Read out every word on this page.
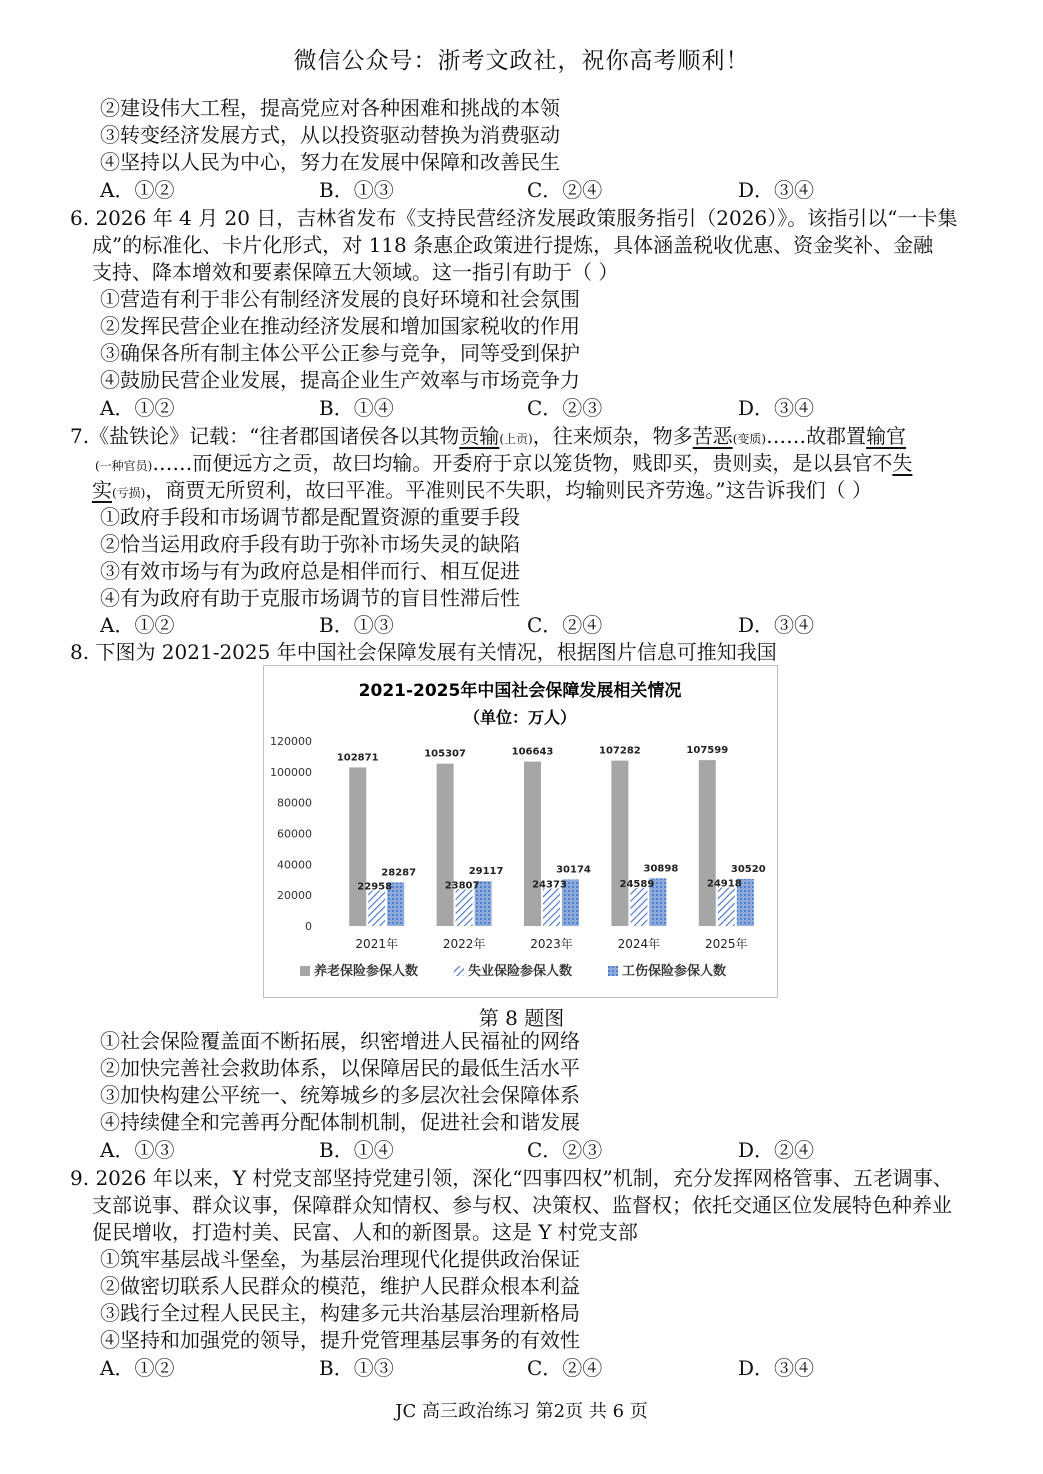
微信公众号：浙考文政社，祝你高考顺利！
②建设伟大工程，提高党应对各种困难和挑战的本领
③转变经济发展方式，从以投资驱动替换为消费驱动
④坚持以人民为中心，努力在发展中保障和改善民生
A．①②	B．①③	C．②④	D．③④
6. 2026 年 4 月 20 日，吉林省发布《支持民营经济发展政策服务指引（2026）》。该指引以“一卡集
成”的标准化、卡片化形式，对 118 条惠企政策进行提炼，具体涵盖税收优惠、资金奖补、金融
支持、降本增效和要素保障五大领域。这一指引有助于（ ）
①营造有利于非公有制经济发展的良好环境和社会氛围
②发挥民营企业在推动经济发展和增加国家税收的作用
③确保各所有制主体公平公正参与竞争，同等受到保护
④鼓励民营企业发展，提高企业生产效率与市场竞争力
A．①②	B．①④	C．②③	D．③④
7.《盐铁论》记载：“往者郡国诸侯各以其物贡输(上贡)，往来烦杂，物多苦恶(变质)……故郡置输官
(一种官员)……而便远方之贡，故曰均输。开委府于京以笼货物，贱即买，贵则卖，是以县官不失
实(亏损)，商贾无所贸利，故曰平准。平准则民不失职，均输则民齐劳逸。”这告诉我们（ ）
①政府手段和市场调节都是配置资源的重要手段
②恰当运用政府手段有助于弥补市场失灵的缺陷
③有效市场与有为政府总是相伴而行、相互促进
④有为政府有助于克服市场调节的盲目性滞后性
A．①②	B．①③	C．②④	D．③④
8. 下图为 2021-2025 年中国社会保障发展有关情况，根据图片信息可推知我国
2021-2025年中国社会保障发展相关情况
（单位：万人）
0
20000
40000
60000
80000
100000
120000
102871
22958
28287
105307
23807
29117
106643
24373
30174
107282
24589
30898
107599
24918
30520
2021年	2022年	2023年	2024年	2025年
养老保险参保人数	失业保险参保人数	工伤保险参保人数
第 8 题图
①社会保险覆盖面不断拓展，织密增进人民福祉的网络
②加快完善社会救助体系，以保障居民的最低生活水平
③加快构建公平统一、统筹城乡的多层次社会保障体系
④持续健全和完善再分配体制机制，促进社会和谐发展
A．①③	B．①④	C．②③	D．②④
9. 2026 年以来，Y 村党支部坚持党建引领，深化“四事四权”机制，充分发挥网格管事、五老调事、
支部说事、群众议事，保障群众知情权、参与权、决策权、监督权；依托交通区位发展特色种养业
促民增收，打造村美、民富、人和的新图景。这是 Y 村党支部
①筑牢基层战斗堡垒，为基层治理现代化提供政治保证
②做密切联系人民群众的模范，维护人民群众根本利益
③践行全过程人民民主，构建多元共治基层治理新格局
④坚持和加强党的领导，提升党管理基层事务的有效性
A．①②	B．①③	C．②④	D．③④
JC 高三政治练习 第2页 共 6 页
